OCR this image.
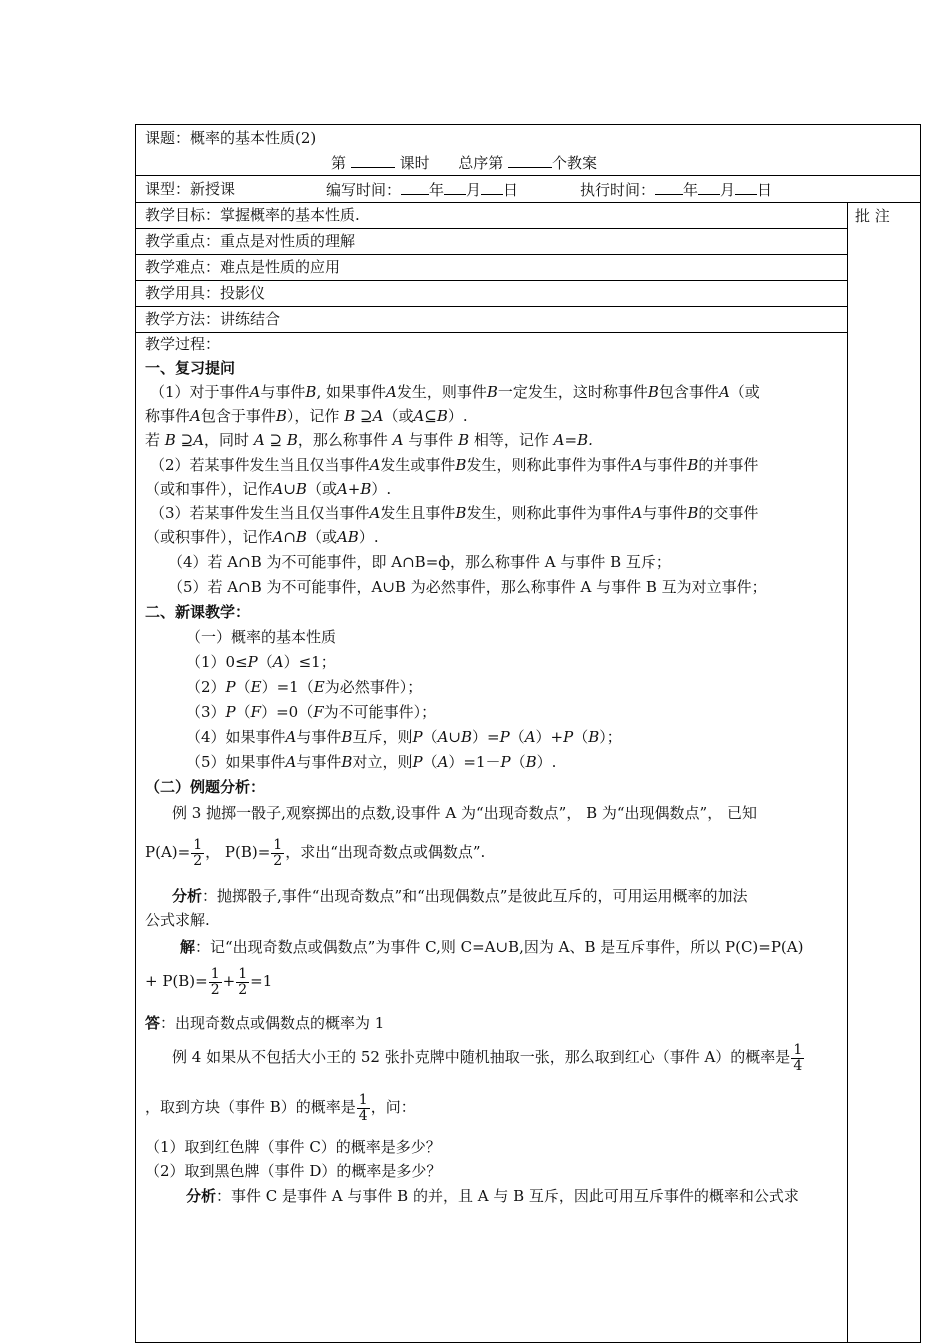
课题：概率的基本性质(2)
第	课时 总序第	个教案
课型：新授课	编写时间： 年 月 日	执行时间： 年 月 日
批 注
教学目标：掌握概率的基本性质.
教学重点：重点是对性质的理解
教学难点：难点是性质的应用
教学用具：投影仪
教学方法：讲练结合
教学过程：
一、复习提问
（1）对于事件A与事件B, 如果事件A发生，则事件B一定发生，这时称事件B包含事件A（或
称事件A包含于事件B），记作 B ⊇A（或A⊆B）.
若 B ⊇A，同时 A ⊇ B，那么称事件 A 与事件 B 相等，记作 A=B.
（2）若某事件发生当且仅当事件A发生或事件B发生，则称此事件为事件A与事件B的并事件
（或和事件），记作A∪B（或A+B）.
（3）若某事件发生当且仅当事件A发生且事件B发生，则称此事件为事件A与事件B的交事件
（或积事件），记作A∩B（或AB）.
（4）若 A∩B 为不可能事件，即 A∩B=ф，那么称事件 A 与事件 B 互斥；
（5）若 A∩B 为不可能事件，A∪B 为必然事件，那么称事件 A 与事件 B 互为对立事件；
二、新课教学：
（一）概率的基本性质
（1）0≤P（A）≤1；
（2）P（E）=1（E为必然事件）；
（3）P（F）=0（F为不可能事件）；
（4）如果事件A与事件B互斥，则P（A∪B）=P（A）+P（B）；
（5）如果事件A与事件B对立，则P（A）=1－P（B）.
（二）例题分析：
例 3 抛掷一骰子,观察掷出的点数,设事件 A 为“出现奇数点”， B 为“出现偶数点”， 已知
$P(A)= \frac{1}{2}$ ， $P(B)= \frac{1}{2}$ ，求出“出现奇数点或偶数点”.
分析：抛掷骰子,事件“出现奇数点”和“出现偶数点”是彼此互斥的，可用运用概率的加法
公式求解.
解：记“出现奇数点或偶数点”为事件 C,则 C=A∪B,因为 A、B 是互斥事件，所以 P(C)=P(A)
+ $P(B)= \frac{1}{2} + \frac{1}{2} =1$
答：出现奇数点或偶数点的概率为 1
例 4 如果从不包括大小王的 52 张扑克牌中随机抽取一张，那么取到红心（事件 A）的概率是 $\frac{1}{4}$
，取到方块（事件 B）的概率是 $\frac{1}{4}$ ，问：
（1）取到红色牌（事件 C）的概率是多少？
（2）取到黑色牌（事件 D）的概率是多少？
分析：事件 C 是事件 A 与事件 B 的并，且 A 与 B 互斥，因此可用互斥事件的概率和公式求
